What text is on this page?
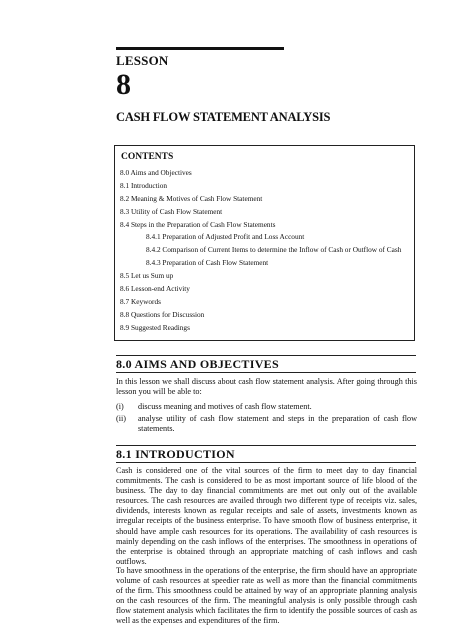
LESSON
8
CASH FLOW STATEMENT ANALYSIS
CONTENTS
8.0 Aims and Objectives
8.1 Introduction
8.2 Meaning & Motives of Cash Flow Statement
8.3 Utility of Cash Flow Statement
8.4 Steps in the Preparation of Cash Flow Statements
8.4.1 Preparation of Adjusted Profit and Loss Account
8.4.2 Comparison of Current Items to determine the Inflow of Cash or Outflow of Cash
8.4.3 Preparation of Cash Flow Statement
8.5 Let us Sum up
8.6 Lesson-end Activity
8.7 Keywords
8.8 Questions for Discussion
8.9 Suggested Readings
8.0 AIMS AND OBJECTIVES

In this lesson we shall discuss about cash flow statement analysis. After going through this lesson you will be able to:

(i) discuss meaning and motives of cash flow statement.
(ii) analyse utility of cash flow statement and steps in the preparation of cash flow statements.
8.1 INTRODUCTION

Cash is considered one of the vital sources of the firm to meet day to day financial commitments. The cash is considered to be as most important source of life blood of the business. The day to day financial commitments are met out only out of the available resources. The cash resources are availed through two different type of receipts viz. sales, dividends, interests known as regular receipts and sale of assets, investments known as irregular receipts of the business enterprise. To have smooth flow of business enterprise, it should have ample cash resources for its operations. The availability of cash resources is mainly depending on the cash inflows of the enterprises. The smoothness in operations of the enterprise is obtained through an appropriate matching of cash inflows and cash outflows.

To have smoothness in the operations of the enterprise, the firm should have an appropriate volume of cash resources at speedier rate as well as more than the financial commitments of the firm. This smoothness could be attained by way of an appropriate planning analysis on the cash resources of the firm. The meaningful analysis is only possible through cash flow statement analysis which facilitates the firm to identify the possible sources of cash as well as the expenses and expenditures of the firm.
